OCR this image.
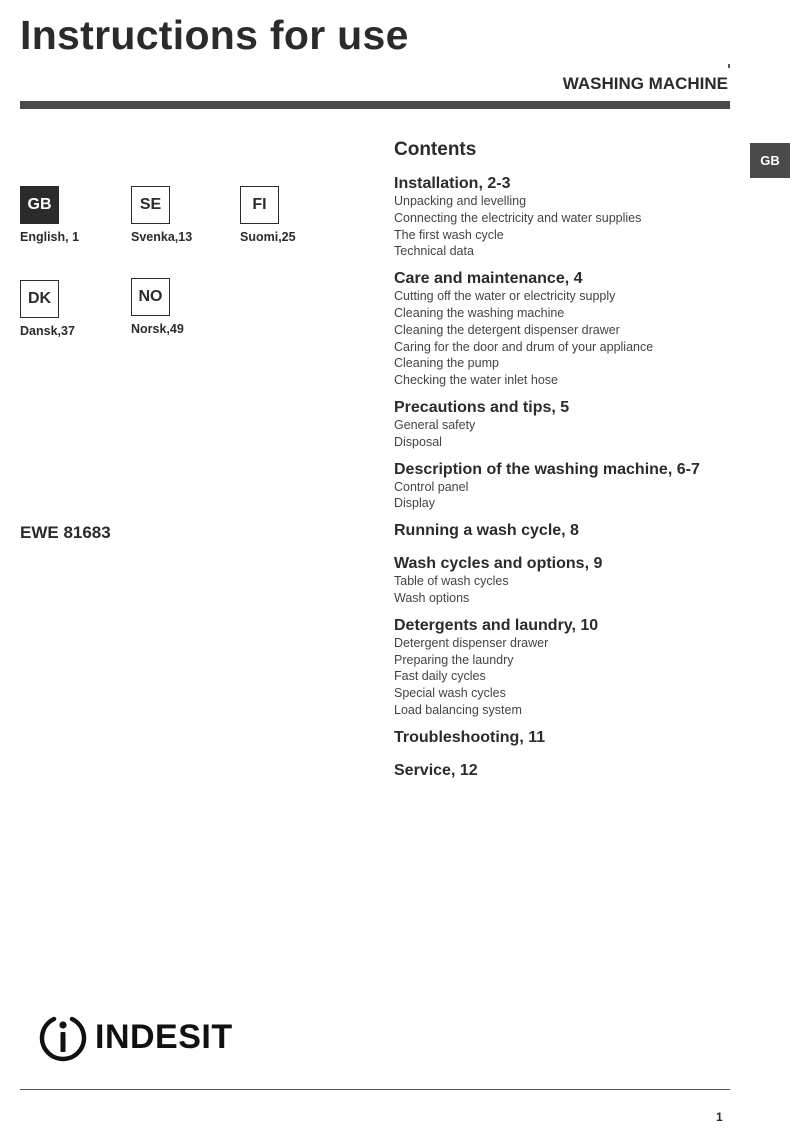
Instructions for use
WASHING MACHINE
GB
GB
English, 1
SE
Svenka,13
FI
Suomi,25
DK
Dansk,37
NO
Norsk,49
EWE 81683
Contents
Installation, 2-3
Unpacking and levelling
Connecting the electricity and water supplies
The first wash cycle
Technical data
Care and maintenance, 4
Cutting off the water or electricity supply
Cleaning the washing machine
Cleaning the detergent dispenser drawer
Caring for the door and drum of your appliance
Cleaning the pump
Checking the water inlet hose
Precautions and tips, 5
General safety
Disposal
Description of the washing machine, 6-7
Control panel
Display
Running a wash cycle, 8
Wash cycles and options, 9
Table of wash cycles
Wash options
Detergents and laundry, 10
Detergent dispenser drawer
Preparing the laundry
Fast daily cycles
Special wash cycles
Load balancing system
Troubleshooting, 11
Service, 12
INDESIT
1
